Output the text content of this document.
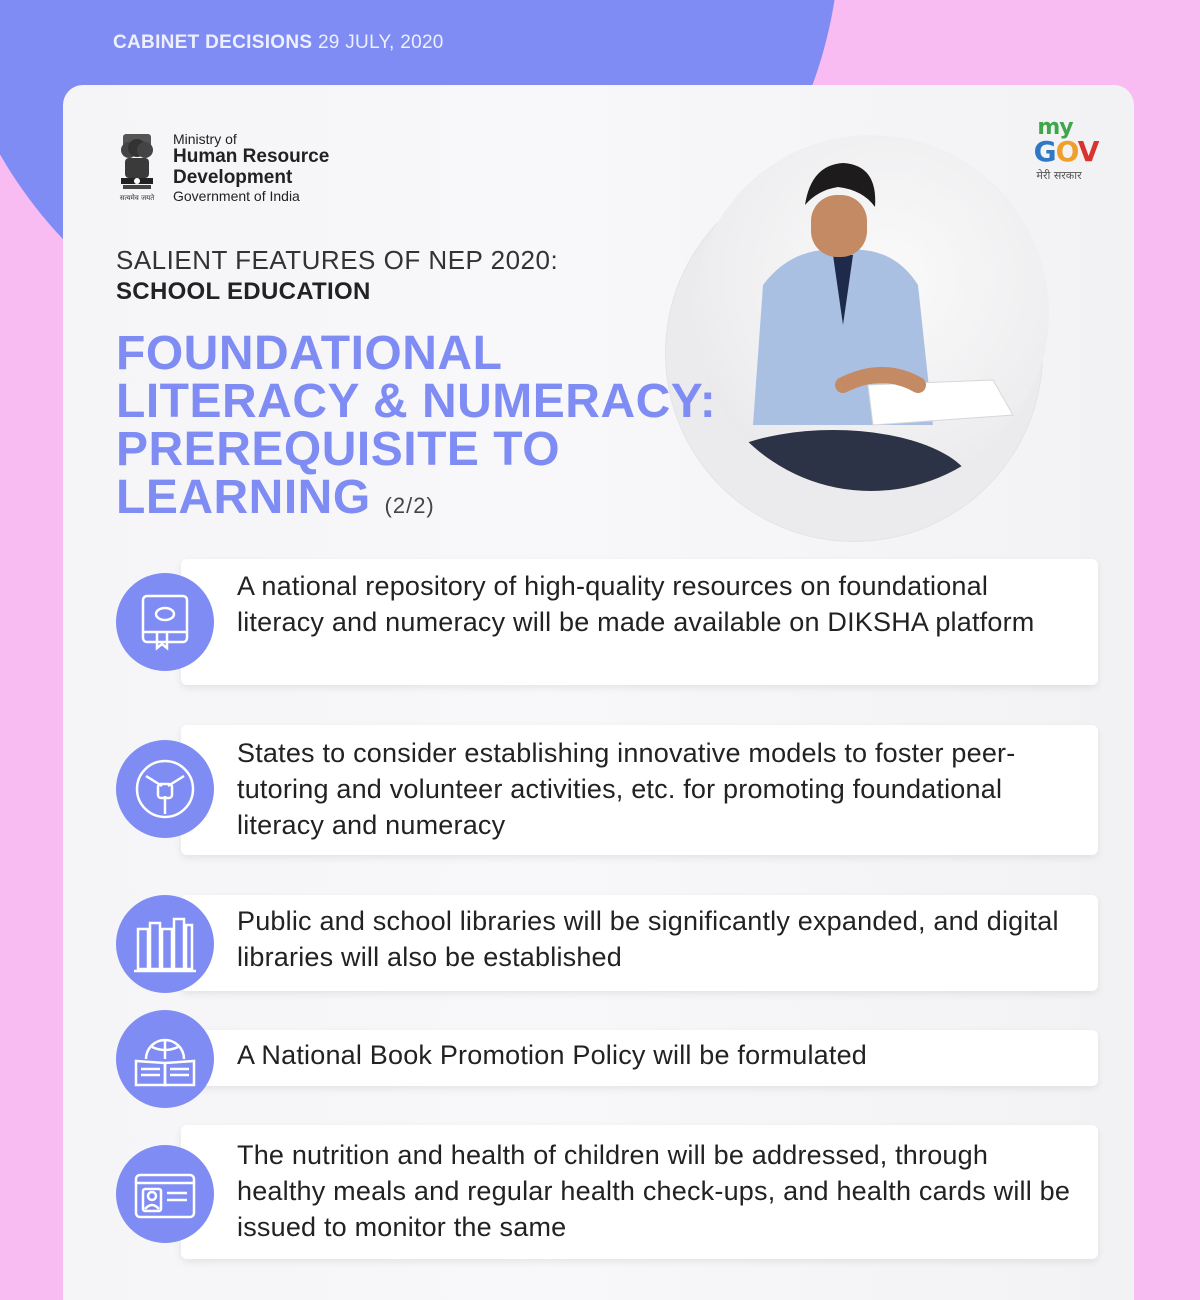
CABINET DECISIONS 29 JULY, 2020
सत्यमेव जयते
Ministry of
Human Resource
Development
Government of India
my
GOV
मेरी सरकार
SALIENT FEATURES OF NEP 2020:
SCHOOL EDUCATION
FOUNDATIONAL
LITERACY & NUMERACY:
PREREQUISITE TO
LEARNING (2/2)
A national repository of high-quality resources on foundational literacy and numeracy will be made available on DIKSHA platform
States to consider establishing innovative models to foster peer-tutoring and volunteer activities, etc. for promoting foundational literacy and numeracy
Public and school libraries will be significantly expanded, and digital libraries will also be established
A National Book Promotion Policy will be formulated
The nutrition and health of children will be addressed, through healthy meals and regular health check-ups, and health cards will be issued to monitor the same
